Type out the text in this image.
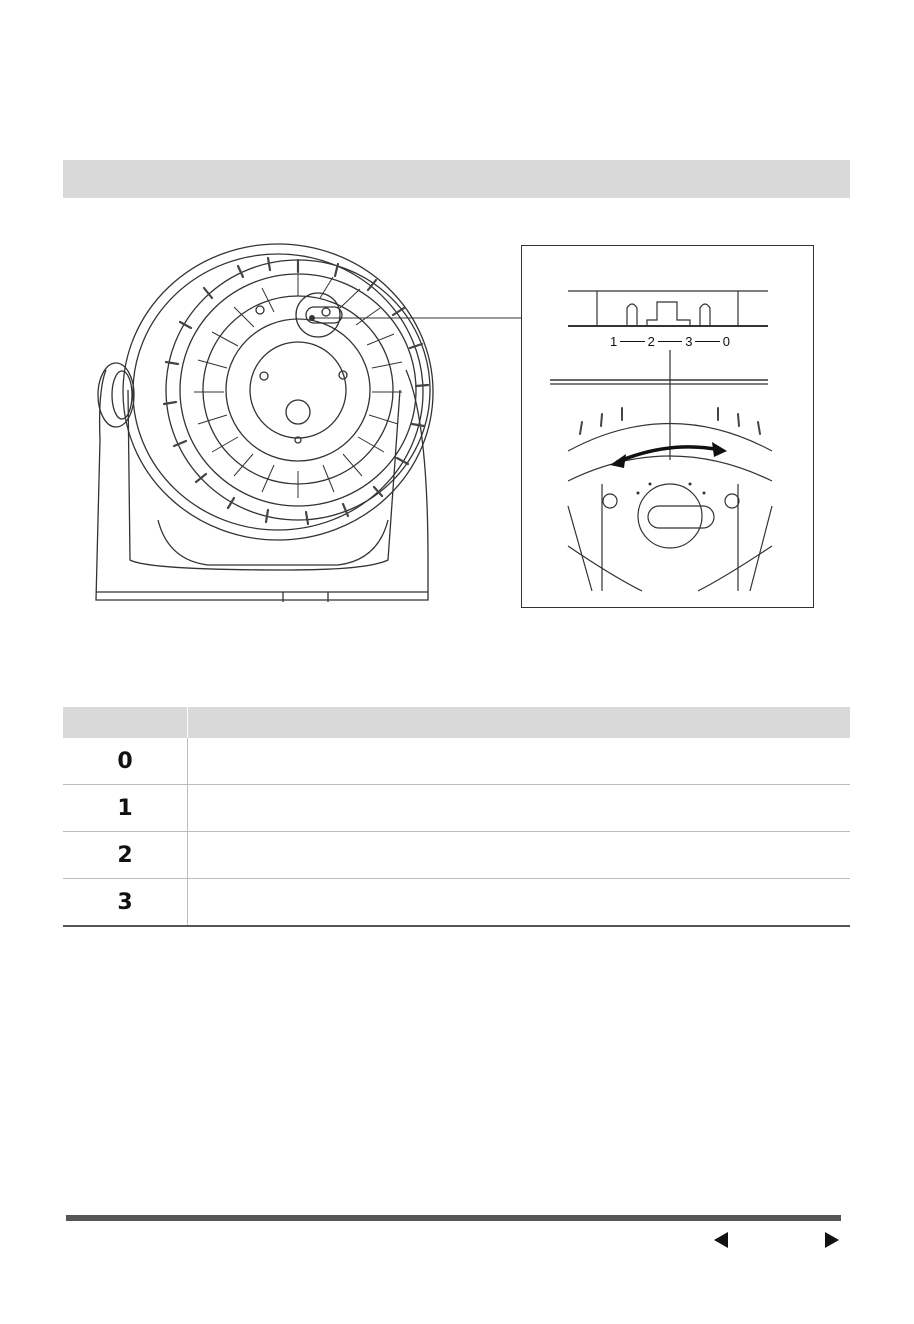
1 2 3 0

0	
1	
2	
3	
